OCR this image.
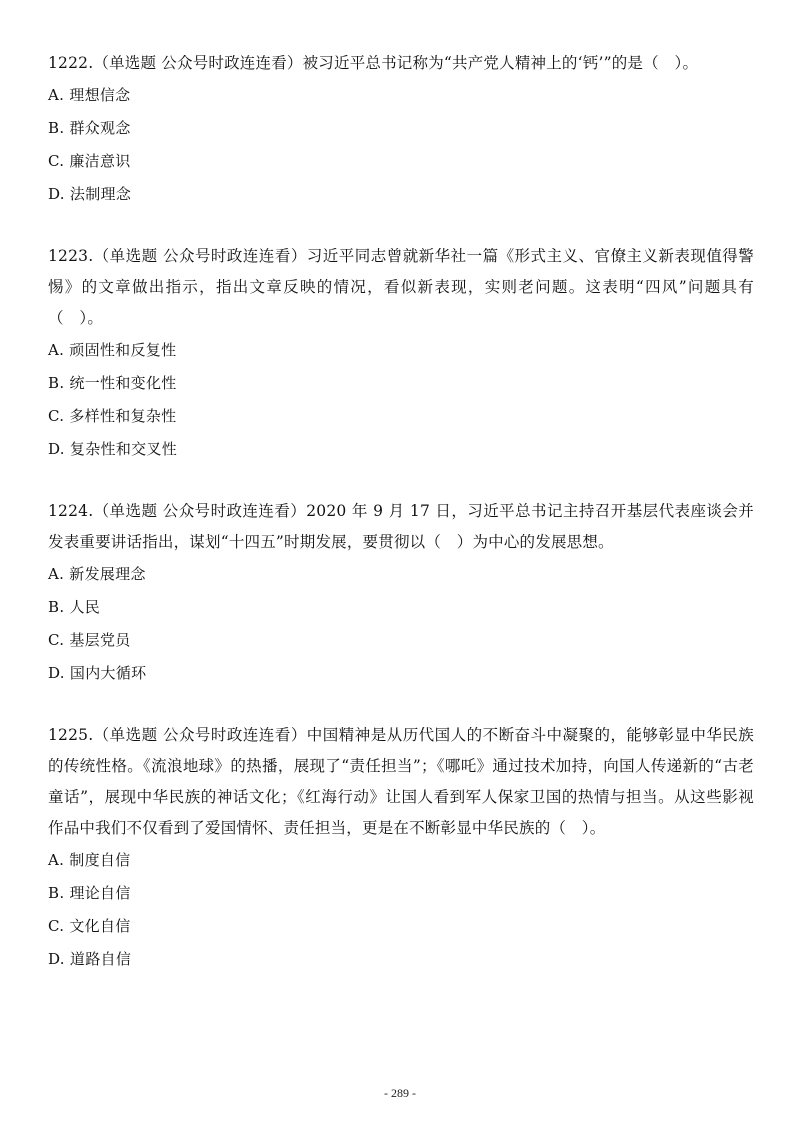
1222.（单选题 公众号时政连连看）被习近平总书记称为“共产党人精神上的‘钙’”的是（　）。

A. 理想信念
B. 群众观念
C. 廉洁意识
D. 法制理念

1223.（单选题 公众号时政连连看）习近平同志曾就新华社一篇《形式主义、官僚主义新表现值得警惕》的文章做出指示，指出文章反映的情况，看似新表现，实则老问题。这表明“四风”问题具有（　）。

A. 顽固性和反复性
B. 统一性和变化性
C. 多样性和复杂性
D. 复杂性和交叉性

1224.（单选题 公众号时政连连看）2020 年 9 月 17 日，习近平总书记主持召开基层代表座谈会并发表重要讲话指出，谋划“十四五”时期发展，要贯彻以（　）为中心的发展思想。

A. 新发展理念
B. 人民
C. 基层党员
D. 国内大循环

1225.（单选题 公众号时政连连看）中国精神是从历代国人的不断奋斗中凝聚的，能够彰显中华民族的传统性格。《流浪地球》的热播，展现了“责任担当”；《哪吒》通过技术加持，向国人传递新的“古老童话”，展现中华民族的神话文化；《红海行动》让国人看到军人保家卫国的热情与担当。从这些影视作品中我们不仅看到了爱国情怀、责任担当，更是在不断彰显中华民族的（　）。

A. 制度自信
B. 理论自信
C. 文化自信
D. 道路自信
- 289 -
